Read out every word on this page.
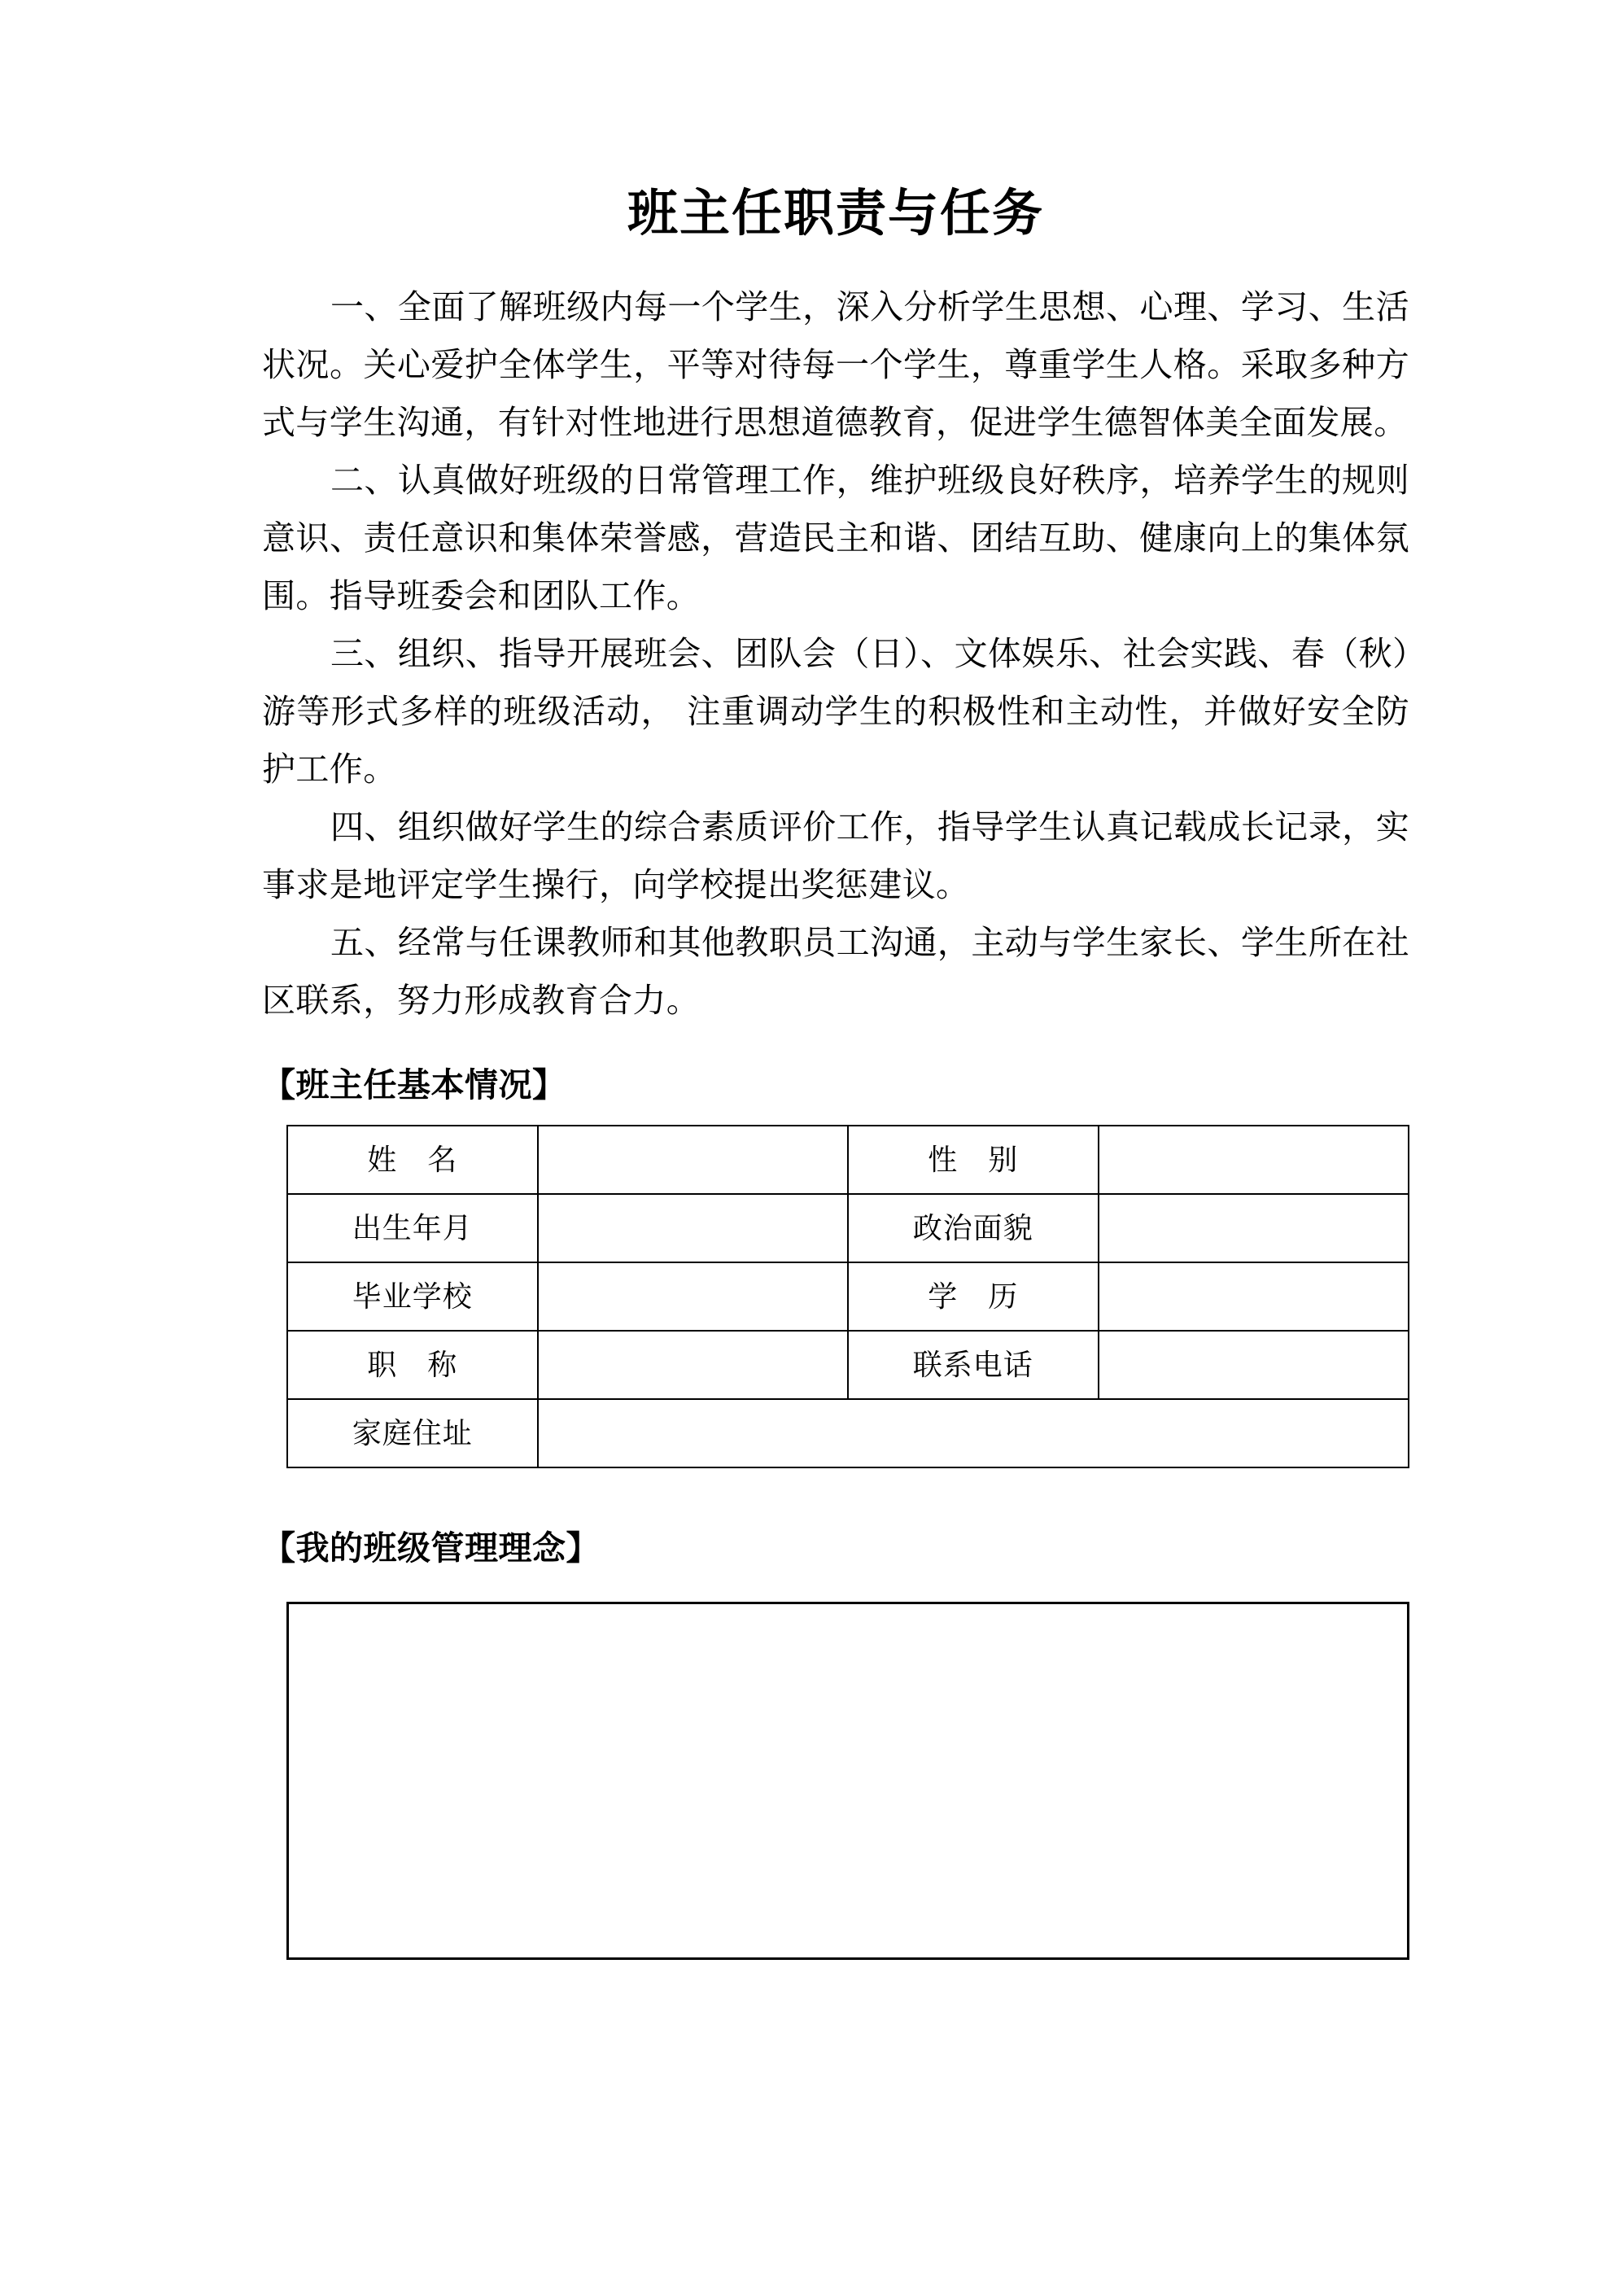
班主任职责与任务

一、全面了解班级内每一个学生，深入分析学生思想、心理、学习、生活状况。关心爱护全体学生，平等对待每一个学生，尊重学生人格。采取多种方式与学生沟通，有针对性地进行思想道德教育，促进学生德智体美全面发展。

二、认真做好班级的日常管理工作，维护班级良好秩序，培养学生的规则意识、责任意识和集体荣誉感，营造民主和谐、团结互助、健康向上的集体氛围。指导班委会和团队工作。

三、组织、指导开展班会、团队会（日）、文体娱乐、社会实践、春（秋）游等形式多样的班级活动， 注重调动学生的积极性和主动性，并做好安全防护工作。

四、组织做好学生的综合素质评价工作，指导学生认真记载成长记录，实事求是地评定学生操行，向学校提出奖惩建议。

五、经常与任课教师和其他教职员工沟通，主动与学生家长、学生所在社区联系，努力形成教育合力。

【班主任基本情况】
姓　名		性　别	
出生年月		政治面貌	
毕业学校		学　历	
职　称		联系电话	
家庭住址			
【我的班级管理理念】
